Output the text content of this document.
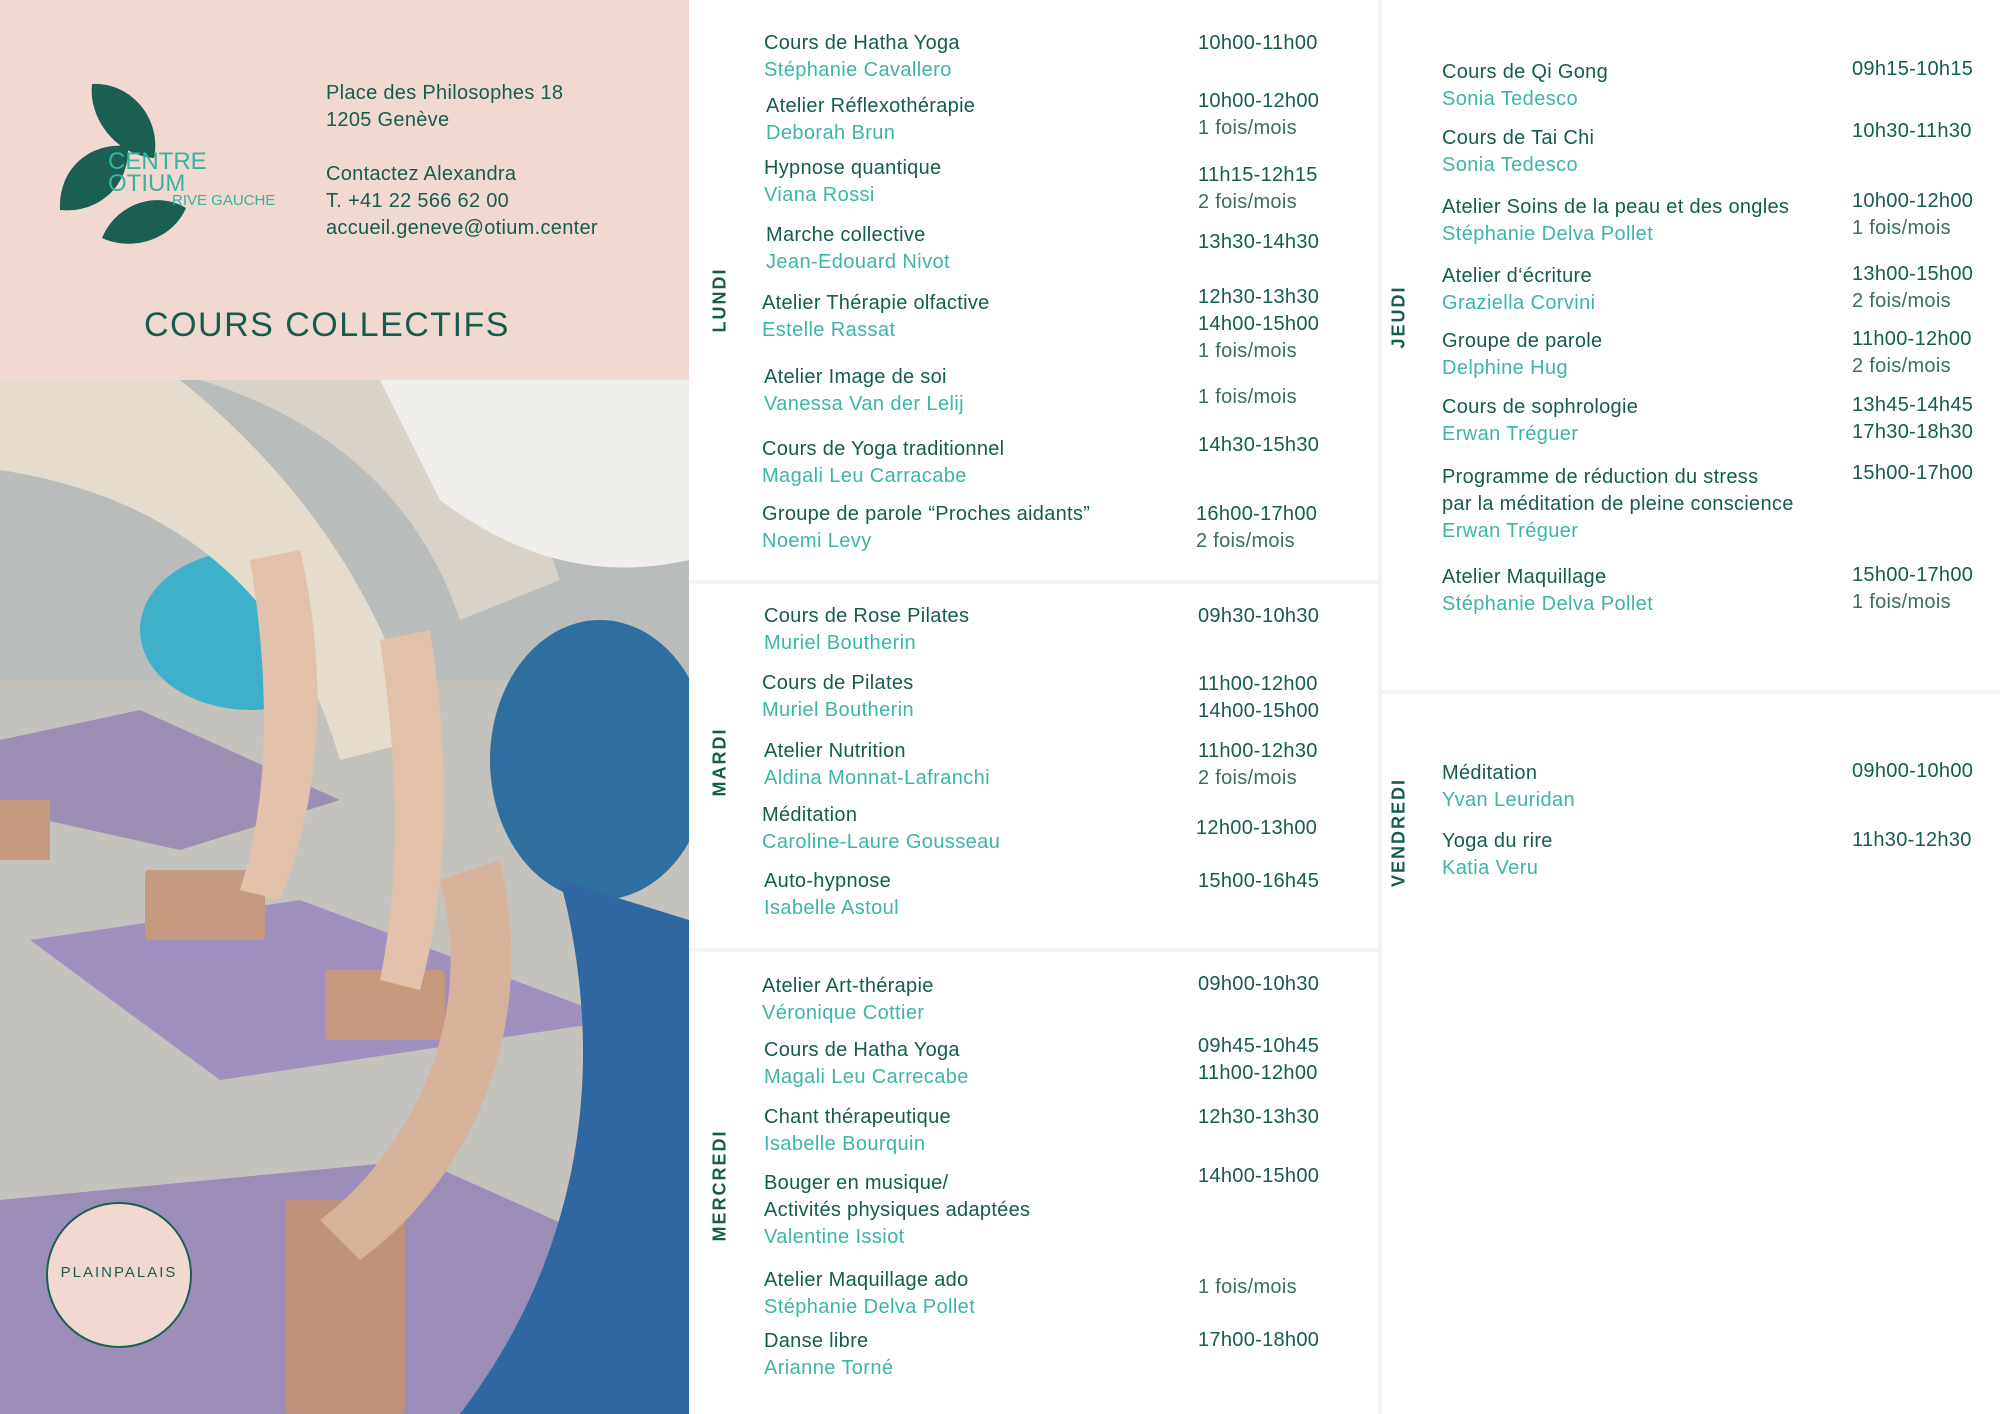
CENTRE
OTIUM
RIVE GAUCHE
Place des Philosophes 18
1205 Genève
Contactez Alexandra
T. +41 22 566 62 00
accueil.geneve@otium.center
COURS COLLECTIFS
PLAINPALAIS
LUNDI
Cours de Hatha Yoga
Stéphanie Cavallero
10h00-11h00
Atelier Réflexothérapie
Deborah Brun
10h00-12h00
1 fois/mois
Hypnose quantique
Viana Rossi
11h15-12h15
2 fois/mois
Marche collective
Jean-Edouard Nivot
13h30-14h30
Atelier Thérapie olfactive
Estelle Rassat
12h30-13h30
14h00-15h00
1 fois/mois
Atelier Image de soi
Vanessa Van der Lelij	1 fois/mois
Cours de Yoga traditionnel
Magali Leu Carracabe
14h30-15h30
Groupe de parole “Proches aidants”
Noemi Levy
16h00-17h00
2 fois/mois
MARDI
Cours de Rose Pilates
Muriel Boutherin
09h30-10h30
Cours de Pilates
Muriel Boutherin
11h00-12h00
14h00-15h00
Atelier Nutrition
Aldina Monnat-Lafranchi
11h00-12h30
2 fois/mois
Méditation
Caroline-Laure Gousseau
12h00-13h00
Auto-hypnose
Isabelle Astoul
15h00-16h45
MERCREDI
Atelier Art-thérapie
Véronique Cottier
09h00-10h30
Cours de Hatha Yoga
Magali Leu Carrecabe
09h45-10h45
11h00-12h00
Chant thérapeutique
Isabelle Bourquin
12h30-13h30
Bouger en musique/
Activités physiques adaptées
Valentine Issiot
14h00-15h00
Atelier Maquillage ado
Stéphanie Delva Pollet
1 fois/mois
Danse libre
Arianne Torné
17h00-18h00
JEUDI
Cours de Qi Gong
Sonia Tedesco
09h15-10h15
Cours de Tai Chi
Sonia Tedesco
10h30-11h30
Atelier Soins de la peau et des ongles
Stéphanie Delva Pollet
10h00-12h00
1 fois/mois
Atelier d‘écriture
Graziella Corvini
13h00-15h00
2 fois/mois
Groupe de parole
Delphine Hug
11h00-12h00
2 fois/mois
Cours de sophrologie
Erwan Tréguer
13h45-14h45
17h30-18h30
Programme de réduction du stress
par la méditation de pleine conscience
Erwan Tréguer
15h00-17h00
Atelier Maquillage
Stéphanie Delva Pollet
15h00-17h00
1 fois/mois
VENDREDI
Méditation
Yvan Leuridan
09h00-10h00
Yoga du rire
Katia Veru
11h30-12h30
